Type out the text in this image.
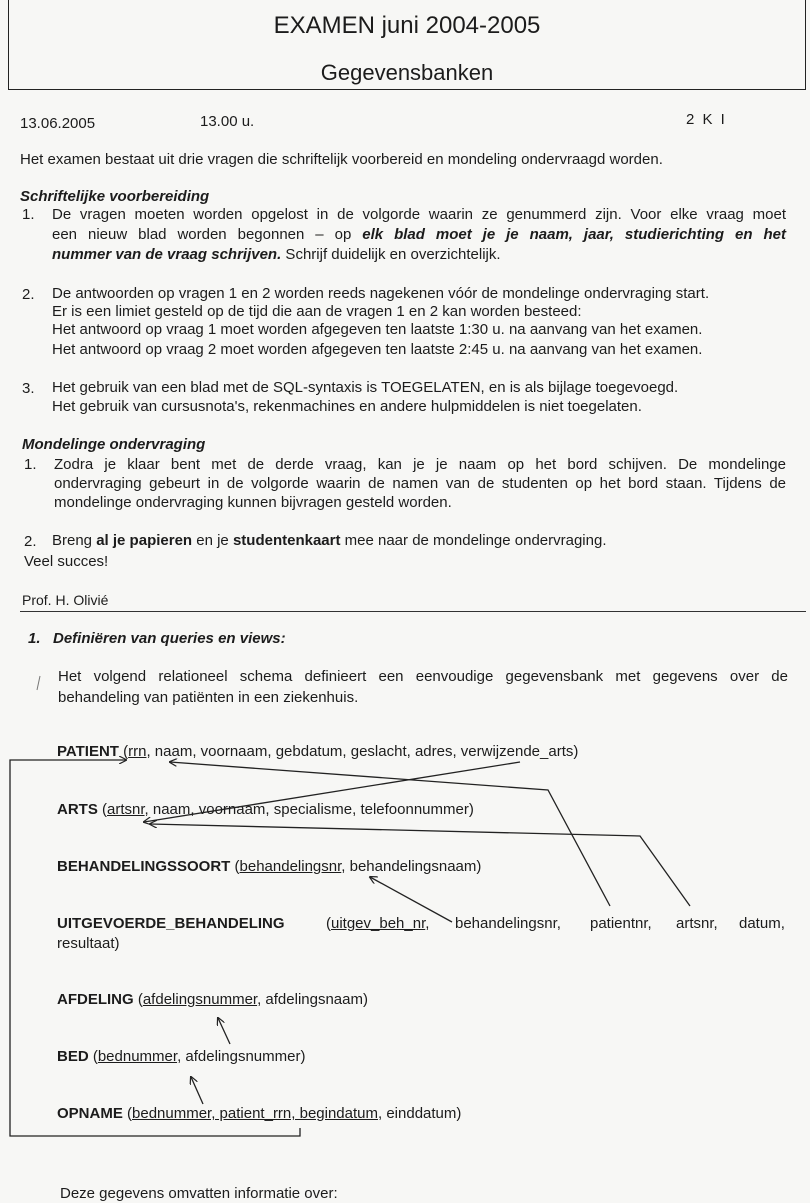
EXAMEN juni 2004-2005
Gegevensbanken
13.06.2005	13.00 u.	2 K I
Het examen bestaat uit drie vragen die schriftelijk voorbereid en mondeling ondervraagd worden.
Schriftelijke voorbereiding
1. De vragen moeten worden opgelost in de volgorde waarin ze genummerd zijn. Voor elke vraag moet
een nieuw blad worden begonnen – op elk blad moet je je naam, jaar, studierichting en het
nummer van de vraag schrijven. Schrijf duidelijk en overzichtelijk.
2. De antwoorden op vragen 1 en 2 worden reeds nagekenen vóór de mondelinge ondervraging start.
Er is een limiet gesteld op de tijd die aan de vragen 1 en 2 kan worden besteed:
Het antwoord op vraag 1 moet worden afgegeven ten laatste 1:30 u. na aanvang van het examen.
Het antwoord op vraag 2 moet worden afgegeven ten laatste 2:45 u. na aanvang van het examen.
3. Het gebruik van een blad met de SQL-syntaxis is TOEGELATEN, en is als bijlage toegevoegd.
Het gebruik van cursusnota's, rekenmachines en andere hulpmiddelen is niet toegelaten.
Mondelinge ondervraging
1. Zodra je klaar bent met de derde vraag, kan je je naam op het bord schijven. De mondelinge
ondervraging gebeurt in de volgorde waarin de namen van de studenten op het bord staan. Tijdens de
mondelinge ondervraging kunnen bijvragen gesteld worden.
2. Breng al je papieren en je studentenkaart mee naar de mondelinge ondervraging.
Veel succes!
Prof. H. Olivié
1.   Definiëren van queries en views:
Het volgend relationeel schema definieert een eenvoudige gegevensbank met gegevens over de
behandeling van patiënten in een ziekenhuis.
PATIENT (rrn, naam, voornaam, gebdatum, geslacht, adres, verwijzende_arts)
ARTS (artsnr, naam, voornaam, specialisme, telefoonnummer)
BEHANDELINGSSOORT (behandelingsnr, behandelingsnaam)
UITGEVOERDE_BEHANDELING	(uitgev_beh_nr, behandelingsnr, patientnr, artsnr, datum,
resultaat)
AFDELING (afdelingsnummer, afdelingsnaam)
BED (bednummer, afdelingsnummer)
OPNAME (bednummer, patient_rrn, begindatum, einddatum)
Deze gegevens omvatten informatie over:
